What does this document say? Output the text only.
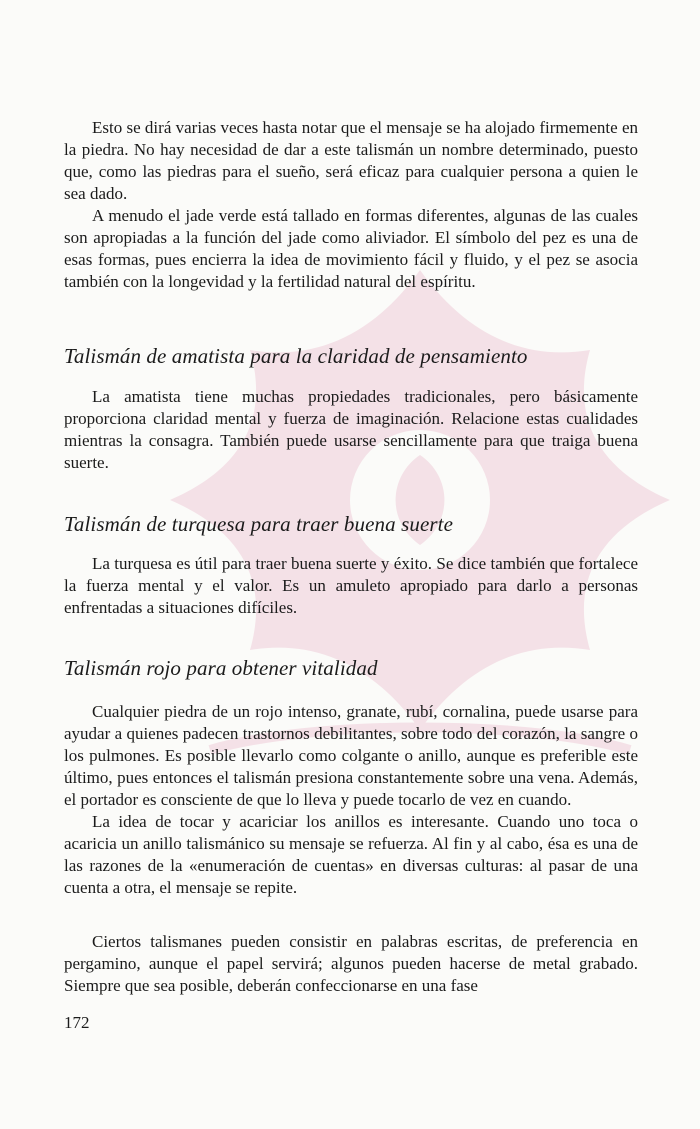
Esto se dirá varias veces hasta notar que el mensaje se ha alojado firmemente en la piedra. No hay necesidad de dar a este talismán un nombre determinado, puesto que, como las piedras para el sueño, será eficaz para cualquier persona a quien le sea dado.

A menudo el jade verde está tallado en formas diferentes, algunas de las cuales son apropiadas a la función del jade como aliviador. El símbolo del pez es una de esas formas, pues encierra la idea de movimiento fácil y fluido, y el pez se asocia también con la longevidad y la fertilidad natural del espíritu.

Talismán de amatista para la claridad de pensamiento

La amatista tiene muchas propiedades tradicionales, pero básicamente proporciona claridad mental y fuerza de imaginación. Relacione estas cualidades mientras la consagra. También puede usarse sencillamente para que traiga buena suerte.

Talismán de turquesa para traer buena suerte

La turquesa es útil para traer buena suerte y éxito. Se dice también que fortalece la fuerza mental y el valor. Es un amuleto apropiado para darlo a personas enfrentadas a situaciones difíciles.

Talismán rojo para obtener vitalidad

Cualquier piedra de un rojo intenso, granate, rubí, cornalina, puede usarse para ayudar a quienes padecen trastornos debilitantes, sobre todo del corazón, la sangre o los pulmones. Es posible llevarlo como colgante o anillo, aunque es preferible este último, pues entonces el talismán presiona constantemente sobre una vena. Además, el portador es consciente de que lo lleva y puede tocarlo de vez en cuando.

La idea de tocar y acariciar los anillos es interesante. Cuando uno toca o acaricia un anillo talismánico su mensaje se refuerza. Al fin y al cabo, ésa es una de las razones de la «enumeración de cuentas» en diversas culturas: al pasar de una cuenta a otra, el mensaje se repite.

Ciertos talismanes pueden consistir en palabras escritas, de preferencia en pergamino, aunque el papel servirá; algunos pueden hacerse de metal grabado. Siempre que sea posible, deberán confeccionarse en una fase

172
